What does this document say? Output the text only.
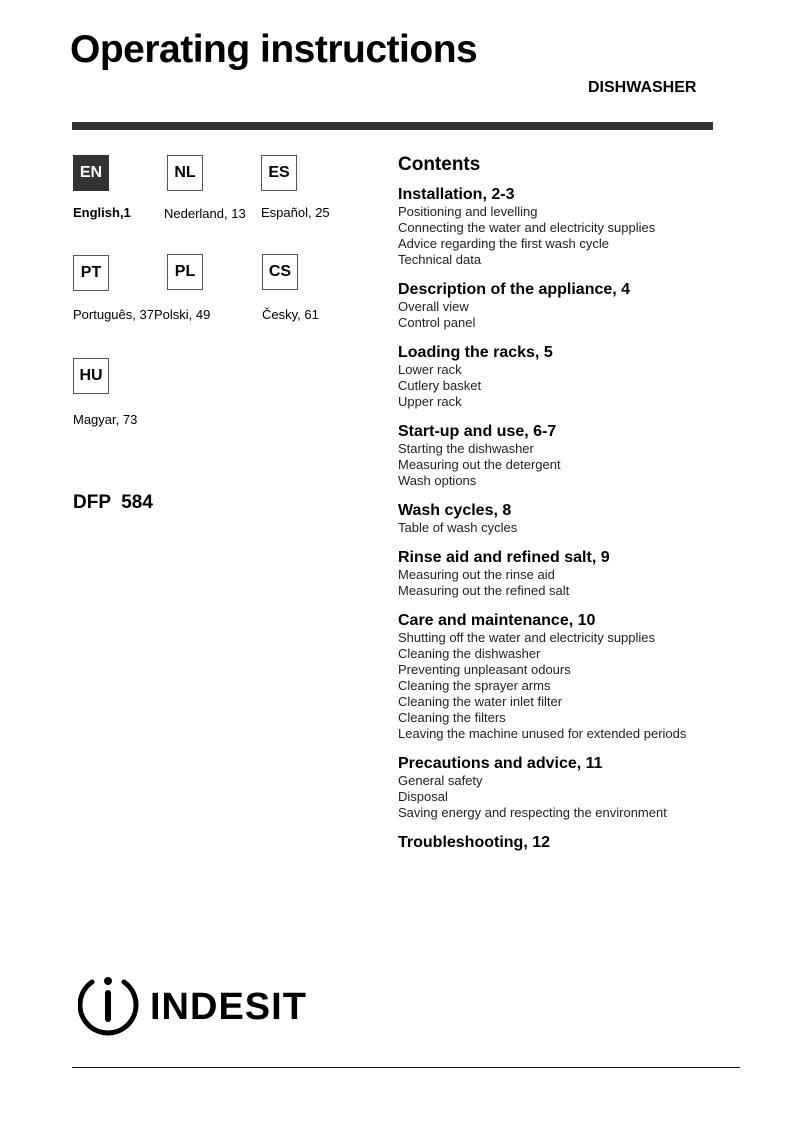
Operating instructions
DISHWASHER
EN
English,1
NL
Nederland, 13
ES
Español, 25
PT
Português, 37
PL
Polski, 49
CS
Česky, 61
HU
Magyar, 73
DFP  584
Contents
Installation, 2-3
Positioning and levelling
Connecting the water and electricity supplies
Advice regarding the first wash cycle
Technical data
Description of the appliance, 4
Overall view
Control panel
Loading the racks, 5
Lower rack
Cutlery basket
Upper rack
Start-up and use, 6-7
Starting the dishwasher
Measuring out the detergent
Wash options
Wash cycles, 8
Table of wash cycles
Rinse aid and refined salt, 9
Measuring out the rinse aid
Measuring out the refined salt
Care and maintenance, 10
Shutting off the water and electricity supplies
Cleaning the dishwasher
Preventing unpleasant odours
Cleaning the sprayer arms
Cleaning the water inlet filter
Cleaning the filters
Leaving the machine unused for extended periods
Precautions and advice, 11
General safety
Disposal
Saving energy and respecting the environment
Troubleshooting, 12
INDESIT
